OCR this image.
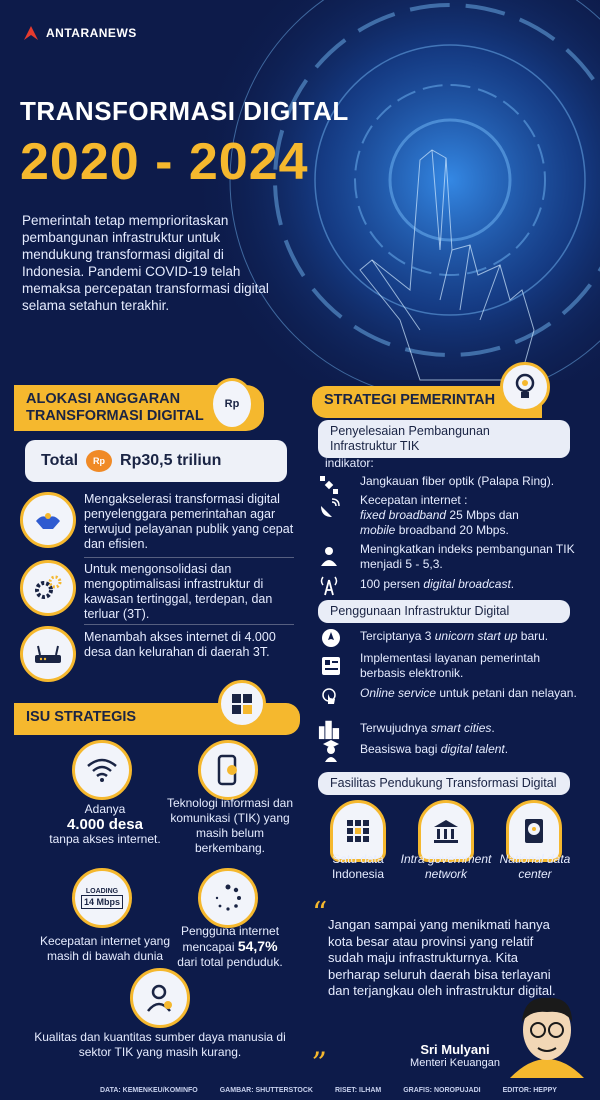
ANTARANEWS
TRANSFORMASI DIGITAL
2020 - 2024
Pemerintah tetap memprioritaskan pembangunan infrastruktur untuk mendukung transformasi digital di Indonesia. Pandemi COVID-19 telah memaksa percepatan transformasi digital selama setahun terakhir.
ALOKASI ANGGARAN
TRANSFORMASI DIGITAL
Rp
Total Rp Rp30,5 triliun
Mengakselerasi transformasi digital penyelenggara pemerintahan agar terwujud pelayanan publik yang cepat dan efisien.
Untuk mengonsolidasi dan mengoptimalisasi infrastruktur di kawasan tertinggal, terdepan, dan terluar (3T).
Menambah akses internet di 4.000 desa dan kelurahan di daerah 3T.
ISU STRATEGIS
Adanya
4.000 desa
tanpa akses internet.
Teknologi informasi dan komunikasi (TIK) yang masih belum berkembang.
LOADING
14 Mbps
Kecepatan internet yang masih di bawah dunia
Pengguna internet
mencapai 54,7%
dari total penduduk.
Kualitas dan kuantitas sumber daya manusia di sektor TIK yang masih kurang.
STRATEGI PEMERINTAH
Penyelesaian Pembangunan Infrastruktur TIK
indikator:
Jangkauan fiber optik (Palapa Ring).
Kecepatan internet :
fixed broadband 25 Mbps dan
mobile broadband 20 Mbps.
Meningkatkan indeks pembangunan TIK menjadi 5 - 5,3.
100 persen digital broadcast.
Penggunaan Infrastruktur Digital
Terciptanya 3 unicorn start up baru.
Implementasi layanan pemerintah berbasis elektronik.
Online service untuk petani dan nelayan.
Terwujudnya smart cities.
Beasiswa bagi digital talent.
Fasilitas Pendukung Transformasi Digital
Satu data Indonesia
Intra government network
National data center
“ Jangan sampai yang menikmati hanya kota besar atau provinsi yang relatif sudah maju infrastrukturnya. Kita berharap seluruh daerah bisa terlayani dan terjangkau oleh infrastruktur digital.
„	Sri Mulyani
Menteri Keuangan
DATA: KEMENKEU/KOMINFO	GAMBAR: SHUTTERSTOCK	RISET: ILHAM	GRAFIS: NOROPUJADI	EDITOR: HEPPY
